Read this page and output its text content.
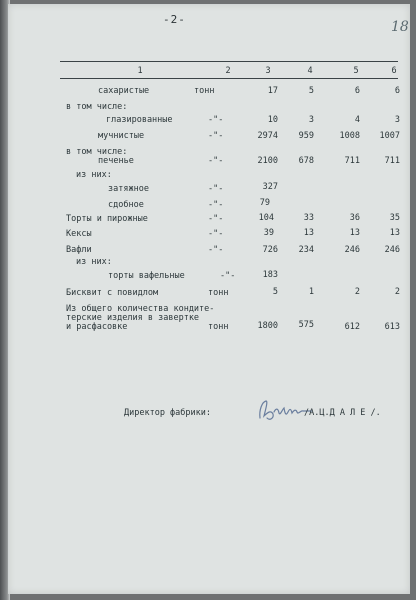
-2-	18
1	2	3	4	5	6
сахаристые	тонн	17	5	6	6
в том числе:
глазированные	-"-	10	3	4	3
мучнистые	-"-	2974	959	1008	1007
в том числе:
печенье	-"-	2100	678	711	711
из них:
затяжное	-"-	327
сдобное	-"-	79
Торты и пирожные	-"-	104	33	36	35
Кексы	-"-	39	13	13	13
Вафли	-"-	726	234	246	246
из них:
торты вафельные	-"-	183
Бисквит с повидлом	тонн	5	1	2	2
Из общего количества кондите-
терские изделия в завертке
и расфасовке	тонн	1800	575	612	613
Директор фабрики:	/А.Ц.Д А Л Е /.
